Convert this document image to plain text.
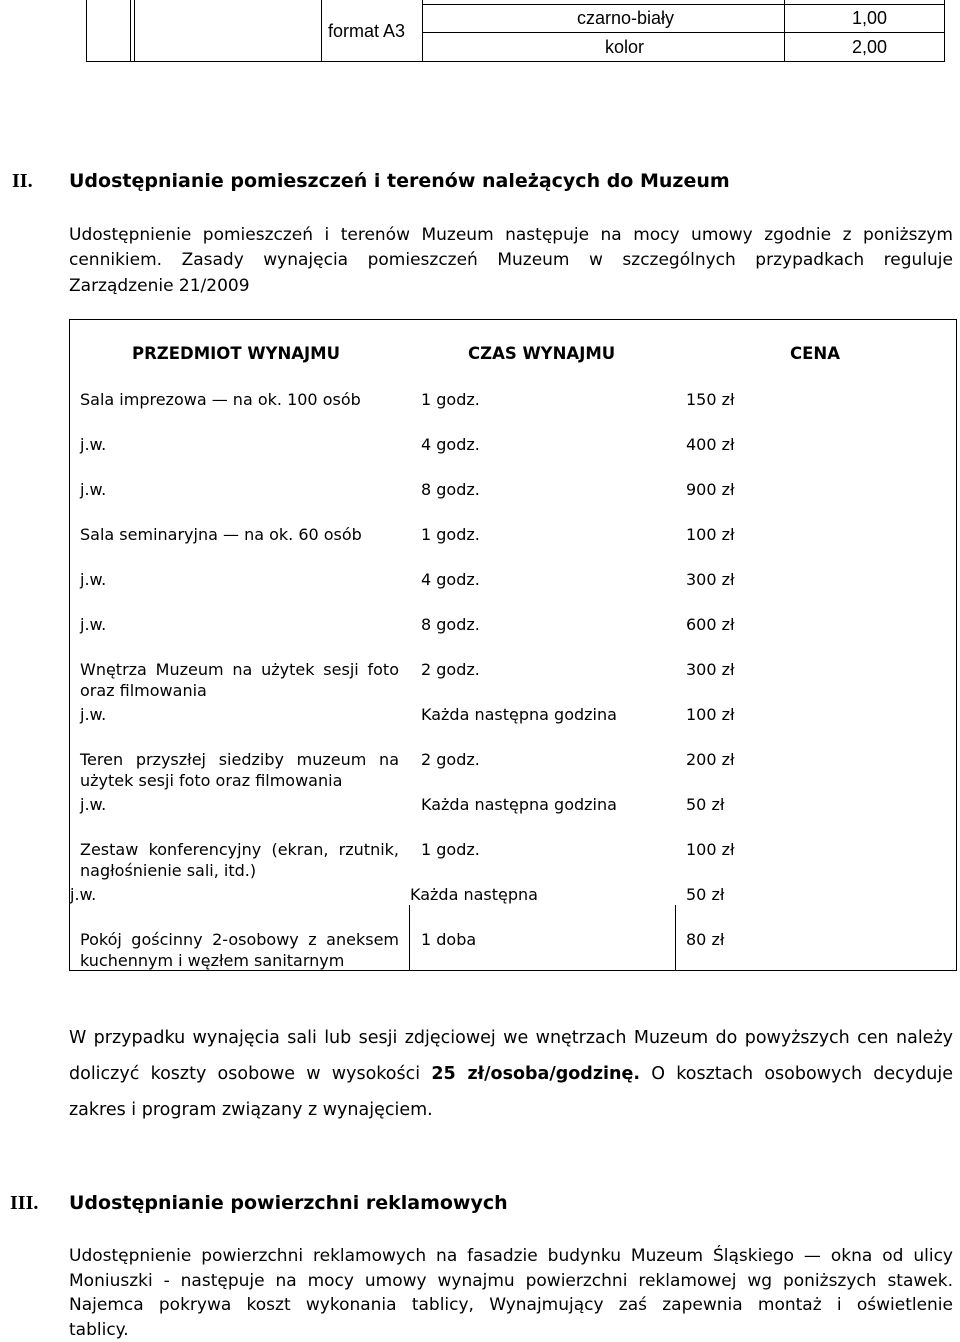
format A3
czarno-biały	1,00
kolor	2,00
II. Udostępnianie pomieszczeń i terenów należących do Muzeum
Udostępnienie pomieszczeń i terenów Muzeum następuje na mocy umowy zgodnie z poniższym
cennikiem. Zasady wynajęcia pomieszczeń Muzeum w szczególnych przypadkach reguluje
Zarządzenie 21/2009
PRZEDMIOT WYNAJMU	CZAS WYNAJMU	CENA
Sala imprezowa — na ok. 100 osób	1 godz.	150 zł
j.w.	4 godz.	400 zł
j.w.	8 godz.	900 zł
Sala seminaryjna — na ok. 60 osób	1 godz.	100 zł
j.w.	4 godz.	300 zł
j.w.	8 godz.	600 zł
Wnętrza Muzeum na użytek sesji foto
oraz filmowania
2 godz.	300 zł
j.w.	Każda następna godzina	100 zł
Teren przyszłej siedziby muzeum na
użytek sesji foto oraz filmowania
2 godz.	200 zł
j.w.	Każda następna godzina	50 zł
Zestaw konferencyjny (ekran, rzutnik,
nagłośnienie sali, itd.)
1 godz.	100 zł
j.w.	Każda następna	50 zł
Pokój gościnny 2-osobowy z aneksem
kuchennym i węzłem sanitarnym
1 doba	80 zł
W przypadku wynajęcia sali lub sesji zdjęciowej we wnętrzach Muzeum do powyższych cen należy
doliczyć koszty osobowe w wysokości 25 zł/osoba/godzinę. O kosztach osobowych decyduje
zakres i program związany z wynajęciem.
III. Udostępnianie powierzchni reklamowych
Udostępnienie powierzchni reklamowych na fasadzie budynku Muzeum Śląskiego — okna od ulicy
Moniuszki - następuje na mocy umowy wynajmu powierzchni reklamowej wg poniższych stawek.
Najemca pokrywa koszt wykonania tablicy, Wynajmujący zaś zapewnia montaż i oświetlenie
tablicy.
